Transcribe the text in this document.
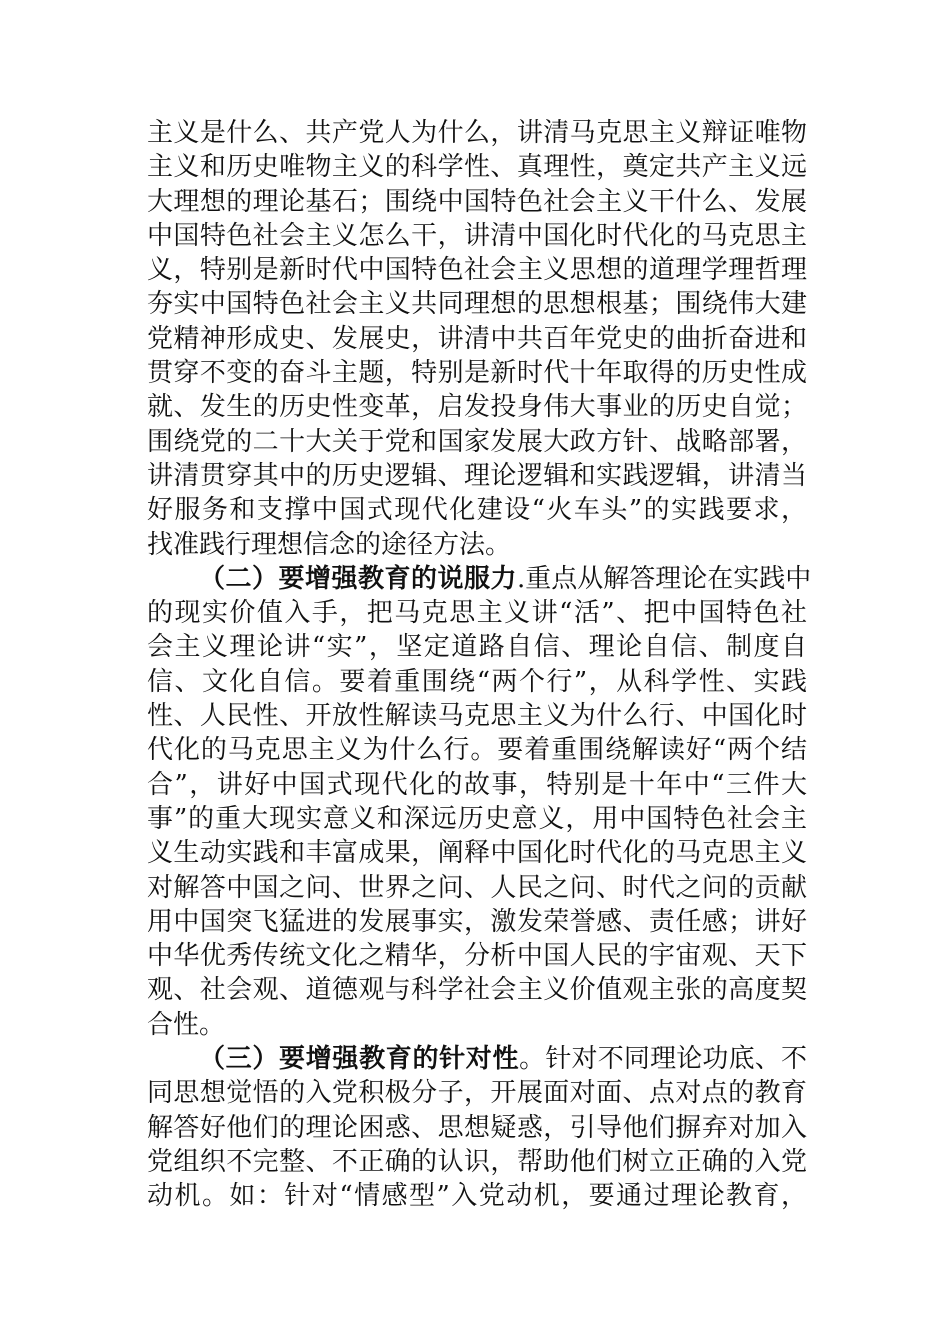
主义是什么、共产党人为什么，讲清马克思主义辩证唯物
主义和历史唯物主义的科学性、真理性，奠定共产主义远
大理想的理论基石；围绕中国特色社会主义干什么、发展
中国特色社会主义怎么干，讲清中国化时代化的马克思主
义，特别是新时代中国特色社会主义思想的道理学理哲理
夯实中国特色社会主义共同理想的思想根基；围绕伟大建
党精神形成史、发展史，讲清中共百年党史的曲折奋进和
贯穿不变的奋斗主题，特别是新时代十年取得的历史性成
就、发生的历史性变革，启发投身伟大事业的历史自觉；
围绕党的二十大关于党和国家发展大政方针、战略部署，
讲清贯穿其中的历史逻辑、理论逻辑和实践逻辑，讲清当
好服务和支撑中国式现代化建设“火车头”的实践要求，
找准践行理想信念的途径方法。
（二）要增强教育的说服力.重点从解答理论在实践中
的现实价值入手，把马克思主义讲“活”、把中国特色社
会主义理论讲“实”，坚定道路自信、理论自信、制度自
信、文化自信。要着重围绕“两个行”，从科学性、实践
性、人民性、开放性解读马克思主义为什么行、中国化时
代化的马克思主义为什么行。要着重围绕解读好“两个结
合”，讲好中国式现代化的故事，特别是十年中“三件大
事”的重大现实意义和深远历史意义，用中国特色社会主
义生动实践和丰富成果，阐释中国化时代化的马克思主义
对解答中国之问、世界之问、人民之问、时代之问的贡献
用中国突飞猛进的发展事实，激发荣誉感、责任感；讲好
中华优秀传统文化之精华，分析中国人民的宇宙观、天下
观、社会观、道德观与科学社会主义价值观主张的高度契
合性。
（三）要增强教育的针对性。针对不同理论功底、不
同思想觉悟的入党积极分子，开展面对面、点对点的教育
解答好他们的理论困惑、思想疑惑，引导他们摒弃对加入
党组织不完整、不正确的认识，帮助他们树立正确的入党
动机。如：针对“情感型”入党动机，要通过理论教育，
